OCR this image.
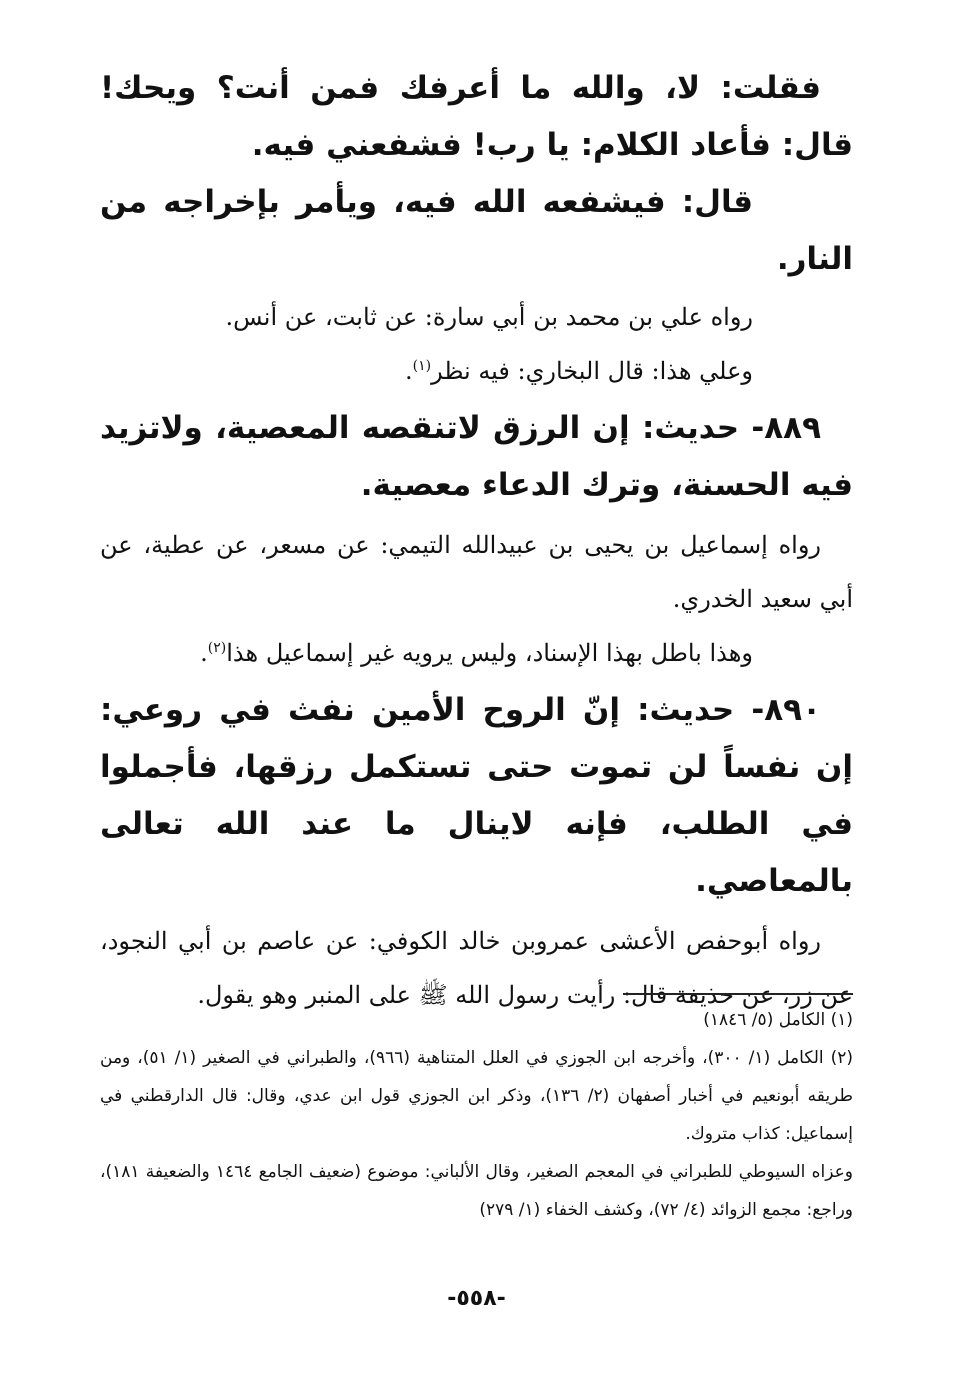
فقلت: لا، والله ما أعرفك فمن أنت؟ ويحك! قال: فأعاد الكلام: يا رب! فشفعني فيه.

قال: فيشفعه الله فيه، ويأمر بإخراجه من النار.

رواه علي بن محمد بن أبي سارة: عن ثابت، عن أنس.

وعلي هذا: قال البخاري: فيه نظر$^{(١)}$.

٨٨٩- حديث: إن الرزق لاتنقصه المعصية، ولاتزيد فيه الحسنة، وترك الدعاء معصية.

رواه إسماعيل بن يحيى بن عبيدالله التيمي: عن مسعر، عن عطية، عن أبي سعيد الخدري.

وهذا باطل بهذا الإسناد، وليس يرويه غير إسماعيل هذا$^{(٢)}$.

٨٩٠- حديث: إنّ الروح الأمين نفث في روعي: إن نفساً لن تموت حتى تستكمل رزقها، فأجملوا في الطلب، فإنه لاينال ما عند الله تعالى بالمعاصي.

رواه أبوحفص الأعشى عمروبن خالد الكوفي: عن عاصم بن أبي النجود، عن زر، عن حذيفة قال: رأيت رسول الله ﷺ على المنبر وهو يقول.

(١) الكامل (٥/ ١٨٤٦)

(٢) الكامل (١/ ٣٠٠)، وأخرجه ابن الجوزي في العلل المتناهية (٩٦٦)، والطبراني في الصغير (١/ ٥١)، ومن طريقه أبونعيم في أخبار أصفهان (٢/ ١٣٦)، وذكر ابن الجوزي قول ابن عدي، وقال: قال الدارقطني في إسماعيل: كذاب متروك.

وعزاه السيوطي للطبراني في المعجم الصغير، وقال الألباني: موضوع (ضعيف الجامع ١٤٦٤ والضعيفة ١٨١)، وراجع: مجمع الزوائد (٤/ ٧٢)، وكشف الخفاء (١/ ٢٧٩)

-٥٥٨-
